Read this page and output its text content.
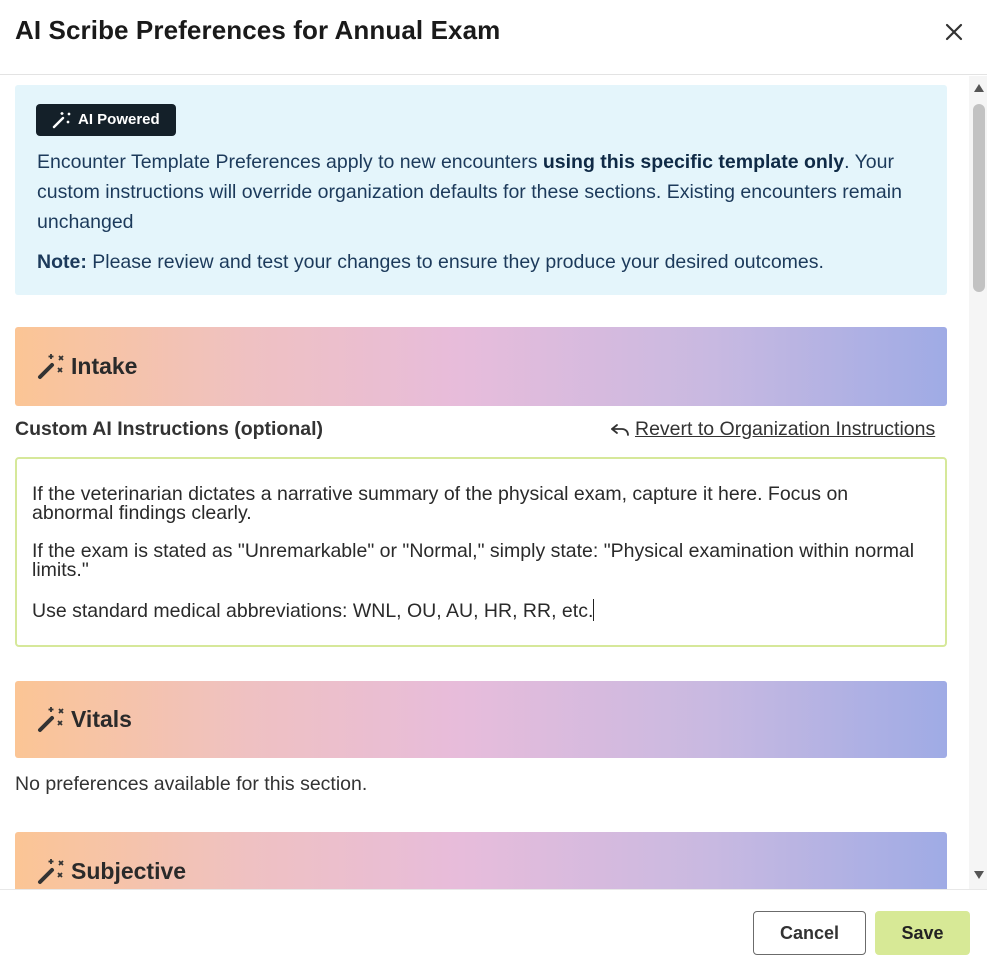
AI Scribe Preferences for Annual Exam
AI Powered
Encounter Template Preferences apply to new encounters using this specific template only. Your custom instructions will override organization defaults for these sections. Existing encounters remain unchanged
Note: Please review and test your changes to ensure they produce your desired outcomes.
Intake
Custom AI Instructions (optional)	Revert to Organization Instructions

If the veterinarian dictates a narrative summary of the physical exam, capture it here. Focus on abnormal findings clearly.

If the exam is stated as "Unremarkable" or "Normal," simply state: "Physical examination within normal limits."

Use standard medical abbreviations: WNL, OU, AU, HR, RR, etc.

Vitals
No preferences available for this section.
Subjective
Cancel	Save
